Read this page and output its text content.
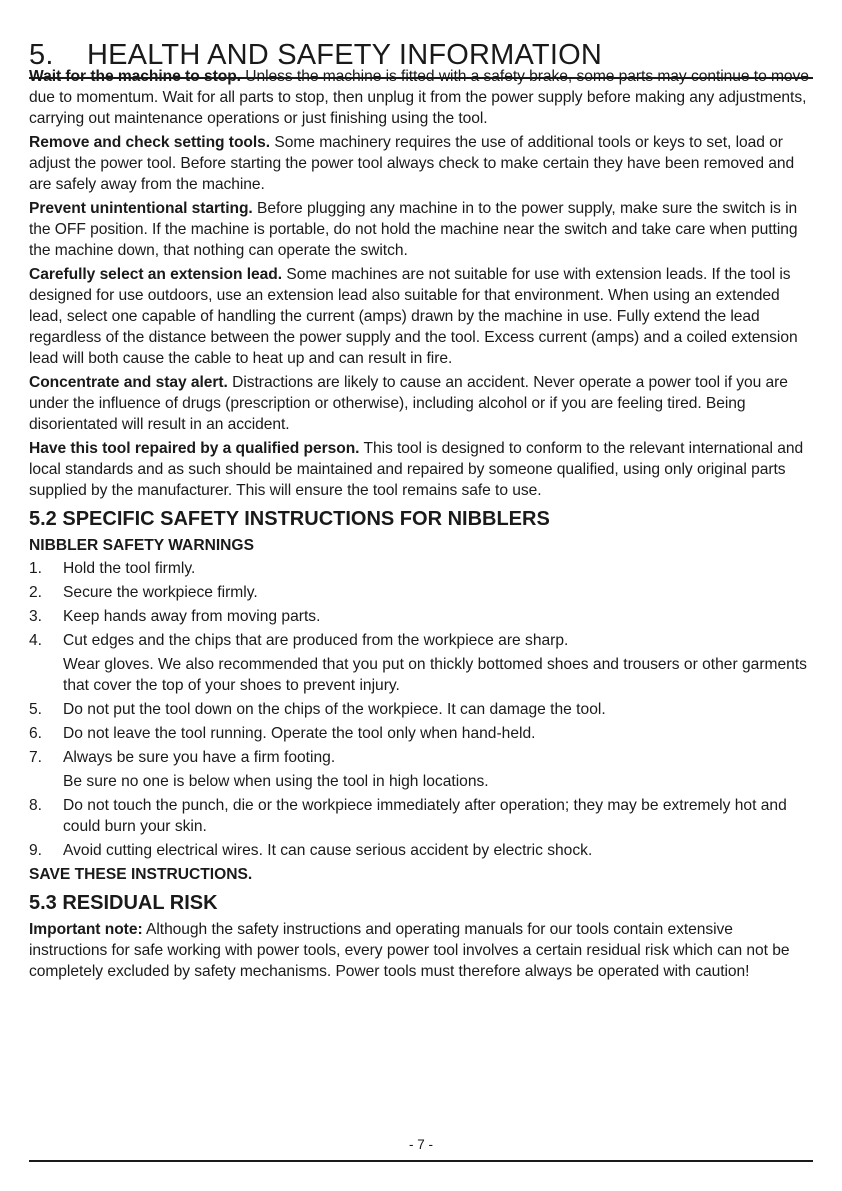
5. HEALTH AND SAFETY INFORMATION

Wait for the machine to stop. Unless the machine is fitted with a safety brake, some parts may continue to move due to momentum. Wait for all parts to stop, then unplug it from the power supply before making any adjustments, carrying out maintenance operations or just finishing using the tool.

Remove and check setting tools. Some machinery requires the use of additional tools or keys to set, load or adjust the power tool. Before starting the power tool always check to make certain they have been removed and are safely away from the machine.

Prevent unintentional starting. Before plugging any machine in to the power supply, make sure the switch is in the OFF position. If the machine is portable, do not hold the machine near the switch and take care when putting the machine down, that nothing can operate the switch.

Carefully select an extension lead. Some machines are not suitable for use with extension leads. If the tool is designed for use outdoors, use an extension lead also suitable for that environment. When using an extended lead, select one capable of handling the current (amps) drawn by the machine in use. Fully extend the lead regardless of the distance between the power supply and the tool. Excess current (amps) and a coiled extension lead will both cause the cable to heat up and can result in fire.

Concentrate and stay alert. Distractions are likely to cause an accident. Never operate a power tool if you are under the influence of drugs (prescription or otherwise), including alcohol or if you are feeling tired. Being disorientated will result in an accident.

Have this tool repaired by a qualified person. This tool is designed to conform to the relevant international and local standards and as such should be maintained and repaired by someone qualified, using only original parts supplied by the manufacturer. This will ensure the tool remains safe to use.

5.2 SPECIFIC SAFETY INSTRUCTIONS FOR NIBBLERS
NIBBLER SAFETY WARNINGS
1. Hold the tool firmly.
2. Secure the workpiece firmly.
3. Keep hands away from moving parts.
4. Cut edges and the chips that are produced from the workpiece are sharp.
Wear gloves. We also recommended that you put on thickly bottomed shoes and trousers or other garments that cover the top of your shoes to prevent injury.
5. Do not put the tool down on the chips of the workpiece. It can damage the tool.
6. Do not leave the tool running. Operate the tool only when hand-held.
7. Always be sure you have a firm footing.
Be sure no one is below when using the tool in high locations.
8. Do not touch the punch, die or the workpiece immediately after operation; they may be extremely hot and could burn your skin.
9. Avoid cutting electrical wires. It can cause serious accident by electric shock.
SAVE THESE INSTRUCTIONS.
5.3 RESIDUAL RISK

Important note: Although the safety instructions and operating manuals for our tools contain extensive instructions for safe working with power tools, every power tool involves a certain residual risk which can not be completely excluded by safety mechanisms. Power tools must therefore always be operated with caution!

- 7 -
